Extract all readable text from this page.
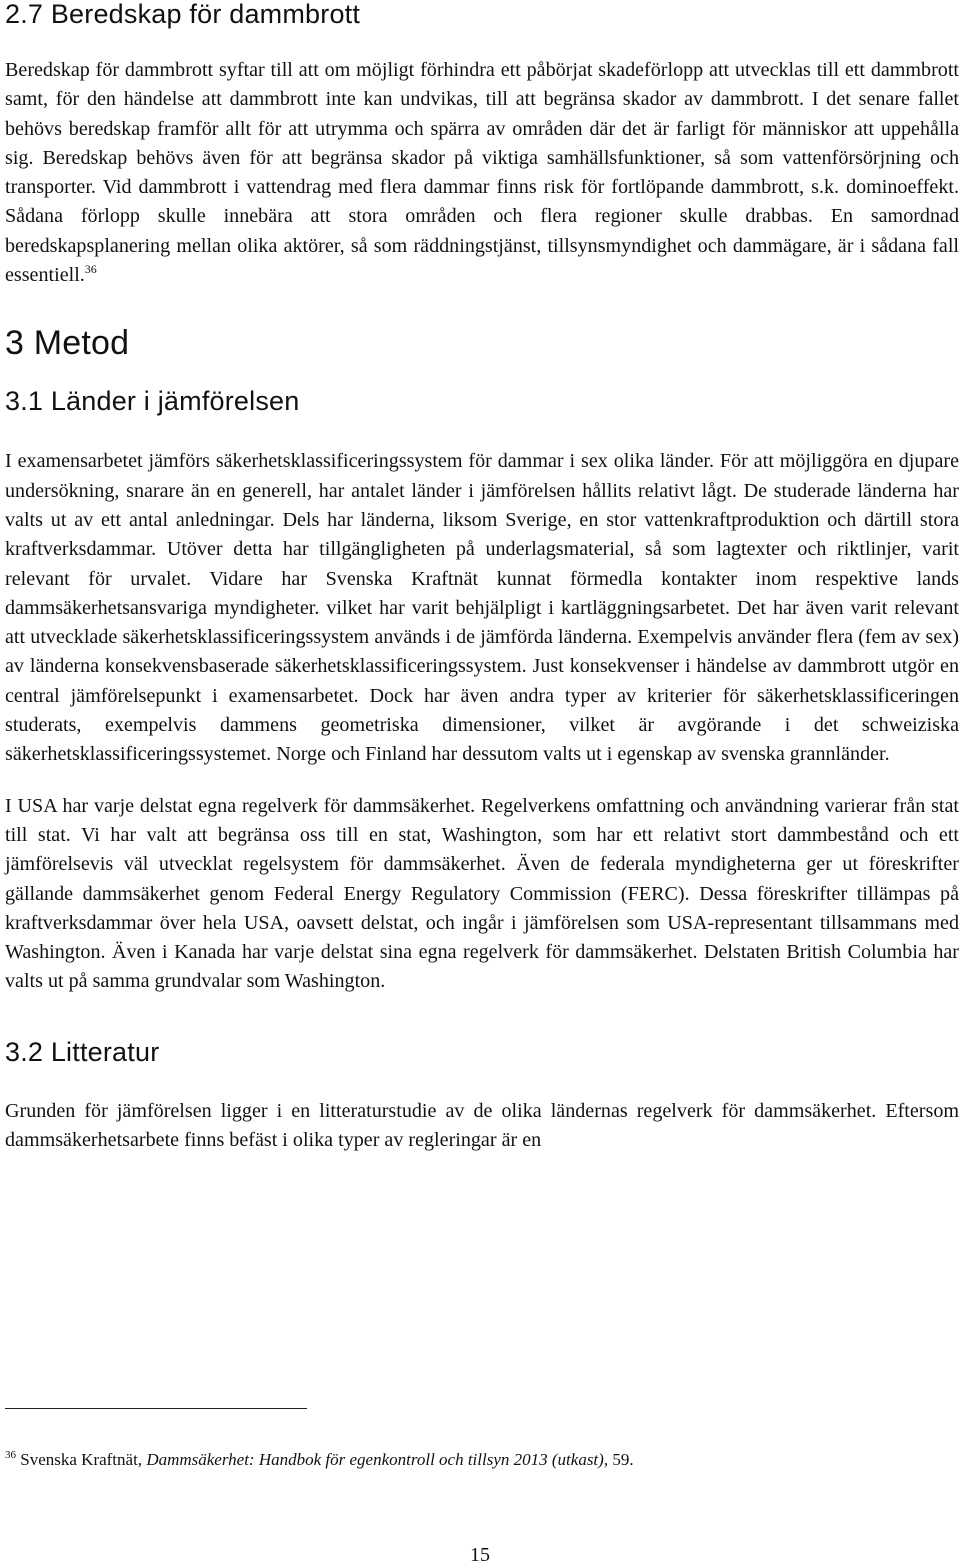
2.7 Beredskap för dammbrott

Beredskap för dammbrott syftar till att om möjligt förhindra ett påbörjat skadeförlopp att utvecklas till ett dammbrott samt, för den händelse att dammbrott inte kan undvikas, till att begränsa skador av dammbrott. I det senare fallet behövs beredskap framför allt för att utrymma och spärra av områden där det är farligt för människor att uppehålla sig. Beredskap behövs även för att begränsa skador på viktiga samhällsfunktioner, så som vattenförsörjning och transporter. Vid dammbrott i vattendrag med flera dammar finns risk för fortlöpande dammbrott, s.k. dominoeffekt. Sådana förlopp skulle innebära att stora områden och flera regioner skulle drabbas. En samordnad beredskapsplanering mellan olika aktörer, så som räddningstjänst, tillsynsmyndighet och dammägare, är i sådana fall essentiell.$^{36}$

3 Metod
3.1 Länder i jämförelsen

I examensarbetet jämförs säkerhetsklassificeringssystem för dammar i sex olika länder. För att möjliggöra en djupare undersökning, snarare än en generell, har antalet länder i jämförelsen hållits relativt lågt. De studerade länderna har valts ut av ett antal anledningar. Dels har länderna, liksom Sverige, en stor vattenkraftproduktion och därtill stora kraftverksdammar. Utöver detta har tillgängligheten på underlagsmaterial, så som lagtexter och riktlinjer, varit relevant för urvalet. Vidare har Svenska Kraftnät kunnat förmedla kontakter inom respektive lands dammsäkerhetsansvariga myndigheter. vilket har varit behjälpligt i kartläggningsarbetet. Det har även varit relevant att utvecklade säkerhetsklassificeringssystem används i de jämförda länderna. Exempelvis använder flera (fem av sex) av länderna konsekvensbaserade säkerhetsklassificeringssystem. Just konsekvenser i händelse av dammbrott utgör en central jämförelsepunkt i examensarbetet. Dock har även andra typer av kriterier för säkerhetsklassificeringen studerats, exempelvis dammens geometriska dimensioner, vilket är avgörande i det schweiziska säkerhetsklassificeringssystemet. Norge och Finland har dessutom valts ut i egenskap av svenska grannländer.

I USA har varje delstat egna regelverk för dammsäkerhet. Regelverkens omfattning och användning varierar från stat till stat. Vi har valt att begränsa oss till en stat, Washington, som har ett relativt stort dammbestånd och ett jämförelsevis väl utvecklat regelsystem för dammsäkerhet. Även de federala myndigheterna ger ut föreskrifter gällande dammsäkerhet genom Federal Energy Regulatory Commission (FERC). Dessa föreskrifter tillämpas på kraftverksdammar över hela USA, oavsett delstat, och ingår i jämförelsen som USA-representant tillsammans med Washington. Även i Kanada har varje delstat sina egna regelverk för dammsäkerhet. Delstaten British Columbia har valts ut på samma grundvalar som Washington.

3.2 Litteratur

Grunden för jämförelsen ligger i en litteraturstudie av de olika ländernas regelverk för dammsäkerhet. Eftersom dammsäkerhetsarbete finns befäst i olika typer av regleringar är en

$^{36}$ Svenska Kraftnät, Dammsäkerhet: Handbok för egenkontroll och tillsyn 2013 (utkast), 59.
15
